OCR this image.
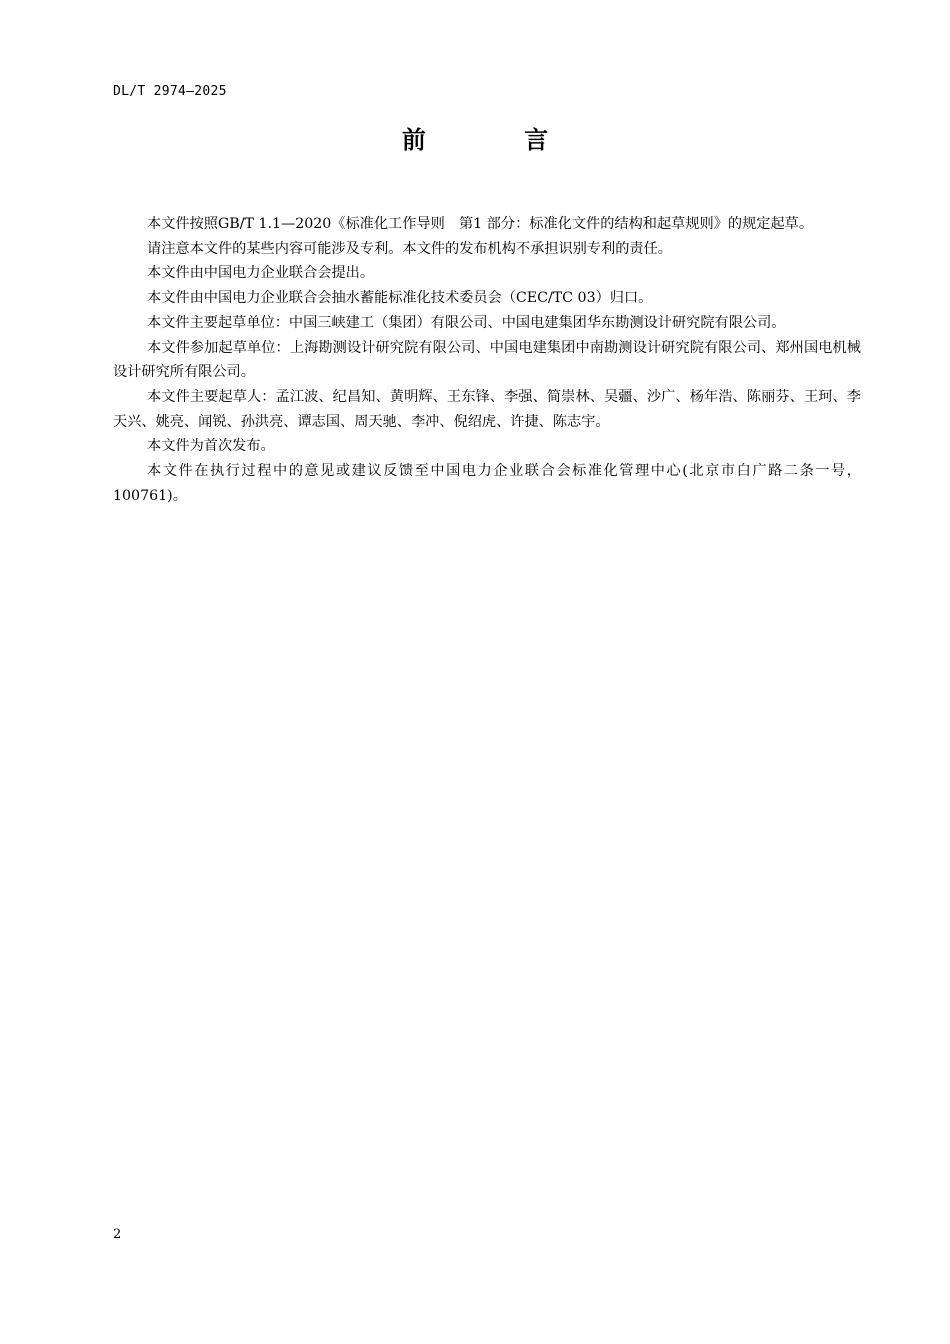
DL/T 2974—2025
前 言

本文件按照GB/T 1.1—2020《标准化工作导则　第1 部分：标准化文件的结构和起草规则》的规定起草。

请注意本文件的某些内容可能涉及专利。本文件的发布机构不承担识别专利的责任。

本文件由中国电力企业联合会提出。

本文件由中国电力企业联合会抽水蓄能标准化技术委员会（CEC/TC 03）归口。

本文件主要起草单位：中国三峡建工（集团）有限公司、中国电建集团华东勘测设计研究院有限公司。

本文件参加起草单位：上海勘测设计研究院有限公司、中国电建集团中南勘测设计研究院有限公司、郑州国电机械设计研究所有限公司。

本文件主要起草人：孟江波、纪昌知、黄明辉、王东锋、李强、简崇林、吴疆、沙广、杨年浩、陈丽芬、王珂、李天兴、姚亮、闻锐、孙洪亮、谭志国、周天驰、李冲、倪绍虎、许捷、陈志宇。

本文件为首次发布。

本文件在执行过程中的意见或建议反馈至中国电力企业联合会标准化管理中心(北京市白广路二条一号，100761)。

2
